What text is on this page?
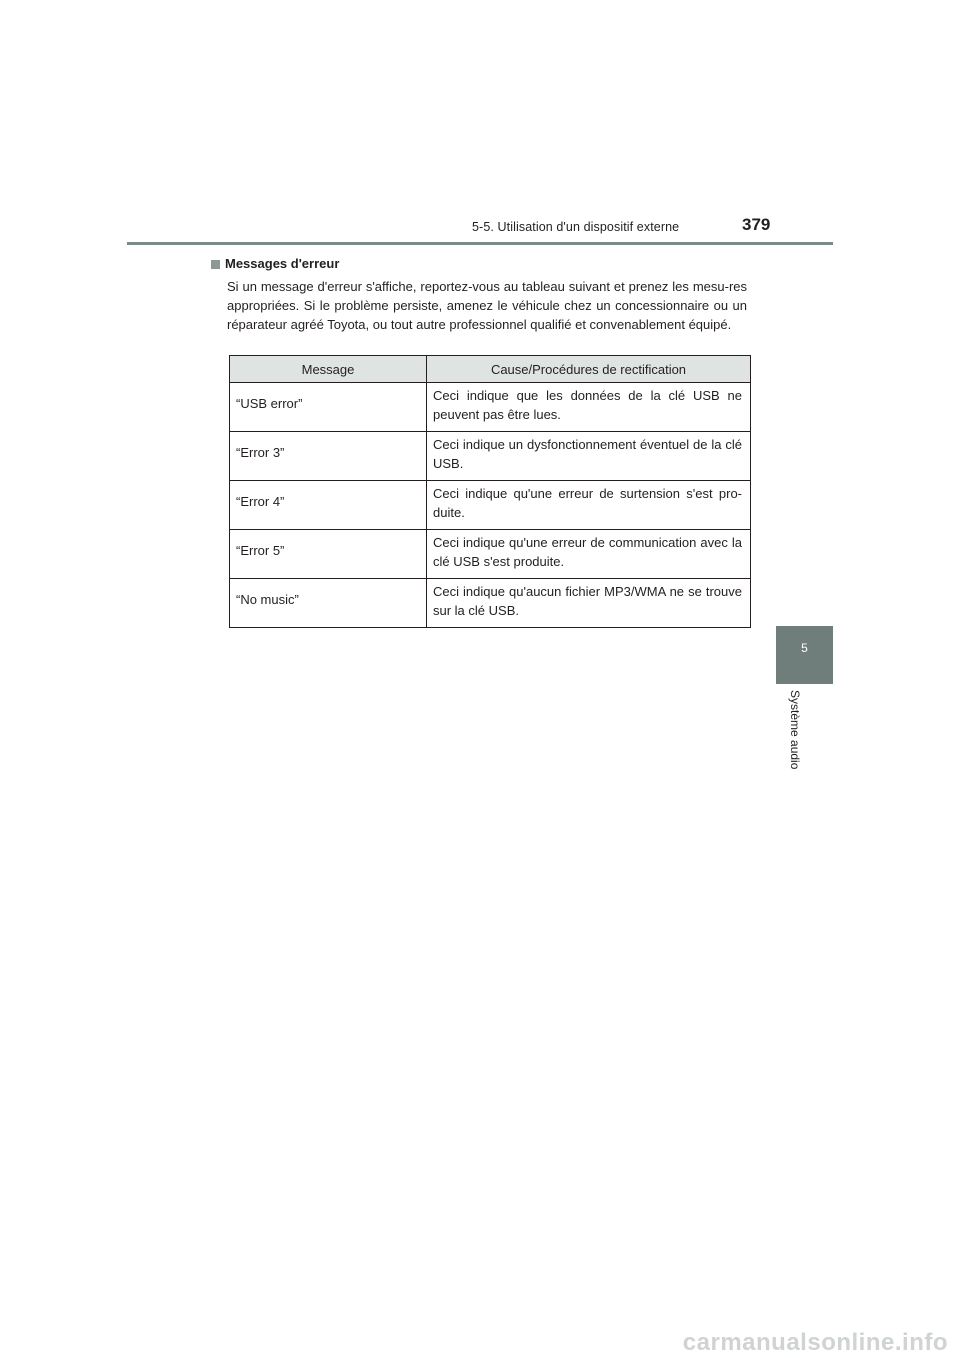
5-5. Utilisation d'un dispositif externe	379
5
Système audio

Messages d'erreur

Si un message d'erreur s'affiche, reportez-vous au tableau suivant et prenez les mesu-res appropriées. Si le problème persiste, amenez le véhicule chez un concessionnaire ou un réparateur agréé Toyota, ou tout autre professionnel qualifié et convenablement équipé.

Message	Cause/Procédures de rectification
“USB error”	Ceci indique que les données de la clé USB ne peuvent pas être lues.
“Error 3”	Ceci indique un dysfonctionnement éventuel de la clé USB.
“Error 4”	Ceci indique qu'une erreur de surtension s'est pro-duite.
“Error 5”	Ceci indique qu'une erreur de communication avec la clé USB s'est produite.
“No music”	Ceci indique qu'aucun fichier MP3/WMA ne se trouve sur la clé USB.
carmanualsonline.info
